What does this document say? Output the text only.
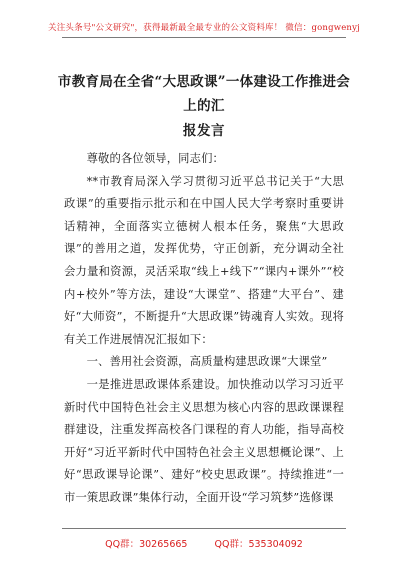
关注头条号"公文研究"，获得最新最全最专业的公文资料库！ 微信：gongwenyj
市教育局在全省“大思政课”一体建设工作推进会上的汇
报发言

尊敬的各位领导，同志们：

**市教育局深入学习贯彻习近平总书记关于“大思政课”的重要指示批示和在中国人民大学考察时重要讲话精神，全面落实立德树人根本任务，聚焦“大思政课”的善用之道，发挥优势，守正创新，充分调动全社会力量和资源，灵活采取“线上+线下”“课内+课外”“校内+校外”等方法，建设“大课堂”、搭建“大平台”、建好“大师资”，不断提升“大思政课”铸魂育人实效。现将有关工作进展情况汇报如下：

一、善用社会资源，高质量构建思政课“大课堂”

一是推进思政课体系建设。加快推动以学习习近平新时代中国特色社会主义思想为核心内容的思政课课程群建设，注重发挥高校各门课程的育人功能，指导高校开好“习近平新时代中国特色社会主义思想概论课”、上好“思政课导论课”、建好“校史思政课”。持续推进“一市一策思政课”集体行动，全面开设“学习筑梦”选修课

QQ群：30265665	QQ群：535304092
